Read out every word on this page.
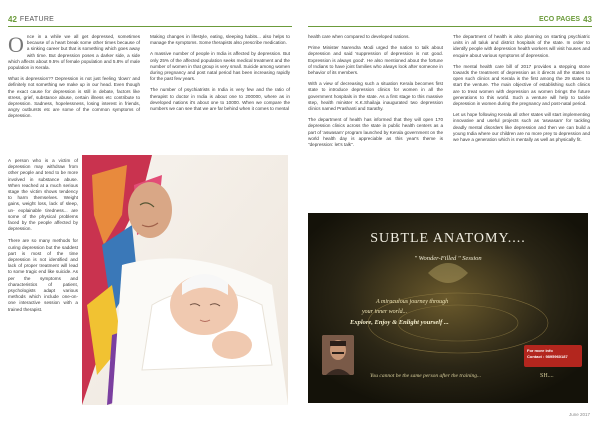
42 FEATURE

Once in a while we all get depressed, sometimes because of a heart break some other times because of a sinking career but that is something which goes away with time. But depression poses a darker side, a side which affects about 9.5% of female population and 5.8% of male population in Kerala.

What is depression?? Depression is not just feeling 'down' and definitely not something we make up in our head. Even though the exact cause for depression is still in debate, factors like stress, grief, substance abuse, certain illness etc contribute to depression. Sadness, hopelessness, losing interest in friends, angry outbursts etc are some of the common symptoms of depression.

Making changes in lifestyle, eating, sleeping habits... also helps to manage the symptoms. Some therapists also prescribe medication.

A massive number of people in India is affected by depression. But only 25% of the affected population seeks medical treatment and the number of women in that group is very small. Suicide among women during pregnancy and post natal period has been increasing rapidly for the past few years.

The number of psychiatrists in India is very few and the ratio of therapist to doctor in India is about one to 200000, where as in developed nations it's about one to 10000. When we compare the numbers we can see that we are far behind when it comes to mental

A person who is a victim of depression may withdraw from other people and tend to be more involved in substance abuse. When reached at a much serious stage the victim shows tendency to harm themselves. Weight gains, weight loss, lack of sleep, un- explainable tiredness... are some of the physical problems faced by the people affected by depression.

There are so many methods for curing depression but the saddest part is most of the time depression is not identified and lack of proper treatment will lead to some tragic end like suicide. As per the symptoms and characteristics of patient, psychologists adapt various methods which include one-on-one interactive session with a trained therapist.

ECO PAGES 43

health care when compared to developed nations.

Prime Minister Narendra Modi urged the nation to talk about depression and said 'suppression of depression is not good. Expression is always good'. He also mentioned about the fortune of Indians to have joint families who always look after someone in behavior of its members.

With a view of decreasing such a situation Kerala becomes first state to introduce depression clinics for women in all the government hospitals in the state. As a first stage to this massive step, health minister K.K.Shailaja inaugurated two depression clinics named Prashanti and Sarathy.

The department of health has informed that they will open 170 depression clinics across the state in public health centers as a part of 'aswasam' program launched by Kerala government on the world health day is appreciable as this year's theme is "depression: let's talk".

The department of health is also planning on starting psychiatric units in all taluk and district hospitals of the state. In order to identify people with depression health workers will visit houses and enquire about various symptoms of depression.

The mental health care bill of 2017 provides a stepping stone towards the treatment of depression as it directs all the states to open such clinics and Kerala is the first among the 29 states to start the venture. The main objective of establishing such clinics are to treat women with depression as women brings the future generations to this world. Such a venture will help to tackle depression in women during the pregnancy and post-natal period.

Let us hope following Kerala all other states will start implementing innovative and useful projects such as 'aswasam' for tackling deadly mental disorders like depression and then we can build a young India where our children are no more prey to depression and we have a generation which is mentally as well as physically fit.

SUBTLE ANATOMY....
" Wonder-Filled " Session
A miraculous journey through
your inner world...
Explore, Enjoy & Enlight yourself ...
For more info
Contact : 9895960187
You cannot be the same person after the training...	SH....
June 2017
